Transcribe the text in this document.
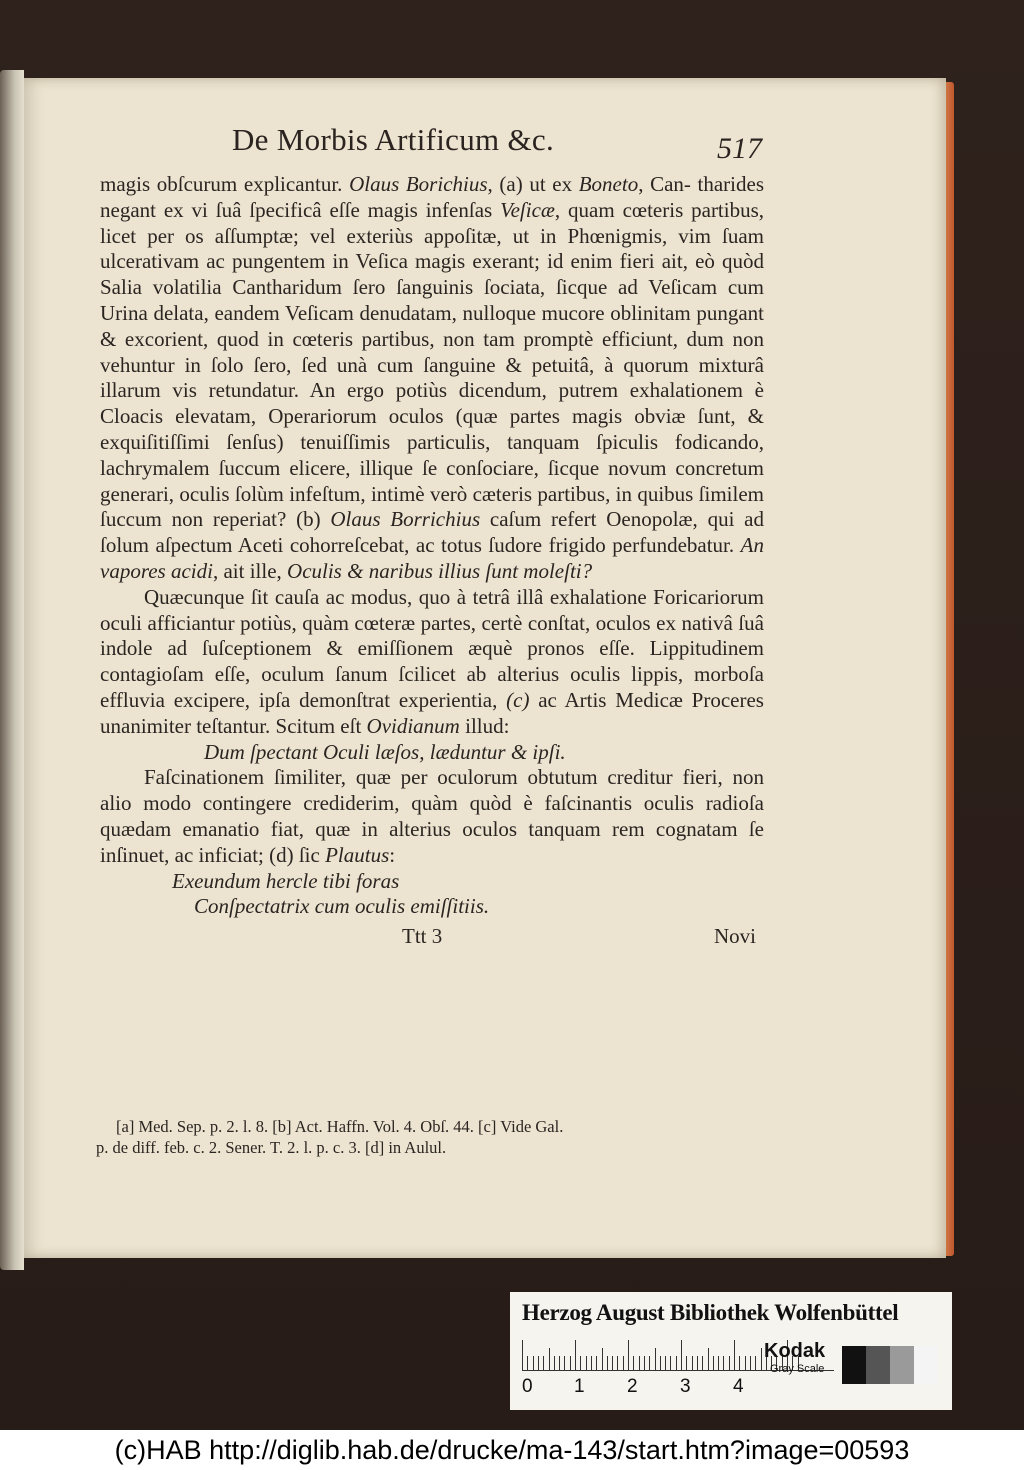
De Morbis Artificum &c.	517

magis obſcurum explicantur. Olaus Borichius, (a) ut ex Boneto, Can- tharides negant ex vi ſuâ ſpecificâ eſſe magis infenſas Veſicæ, quam cœteris partibus, licet per os aſſumptæ; vel exteriùs appoſitæ, ut in Phœnigmis, vim ſuam ulcerativam ac pungentem in Veſica magis exerant; id enim fieri ait, eò quòd Salia volatilia Cantharidum ſero ſanguinis ſociata, ſicque ad Veſicam cum Urina delata, eandem Veſicam denudatam, nulloque mucore oblinitam pungant & excorient, quod in cœteris partibus, non tam promptè efficiunt, dum non vehuntur in ſolo ſero, ſed unà cum ſanguine & petuitâ, à quorum mixturâ illarum vis retundatur. An ergo potiùs dicendum, putrem exhalationem è Cloacis elevatam, Operariorum oculos (quæ partes magis obviæ ſunt, & exquiſitiſſimi ſenſus) tenuiſſimis particulis, tanquam ſpiculis fodicando, lachrymalem ſuccum elicere, illique ſe conſociare, ſicque novum concretum generari, oculis ſolùm infeſtum, intimè verò cæteris partibus, in quibus ſimilem ſuccum non reperiat? (b) Olaus Borrichius caſum refert Oenopolæ, qui ad ſolum aſpectum Aceti cohorreſcebat, ac totus ſudore frigido perfundebatur. An vapores acidi, ait ille, Oculis & naribus illius ſunt moleſti?

Quæcunque ſit cauſa ac modus, quo à tetrâ illâ exhalatione Foricariorum oculi afficiantur potiùs, quàm cœteræ partes, certè conſtat, oculos ex nativâ ſuâ indole ad ſuſceptionem & emiſſionem æquè pronos eſſe. Lippitudinem contagioſam eſſe, oculum ſanum ſcilicet ab alterius oculis lippis, morboſa effluvia excipere, ipſa demonſtrat experientia, (c) ac Artis Medicæ Proceres unanimiter teſtantur. Scitum eſt Ovidianum illud:

Dum ſpectant Oculi læſos, læduntur & ipſi.

Faſcinationem ſimiliter, quæ per oculorum obtutum creditur fieri, non alio modo contingere crediderim, quàm quòd è faſcinantis oculis radioſa quædam emanatio fiat, quæ in alterius oculos tanquam rem cognatam ſe inſinuet, ac inficiat; (d) ſic Plautus:

Exeundum hercle tibi foras

Conſpectatrix cum oculis emiſſitiis.

Ttt 3	Novi

[a] Med. Sep. p. 2. l. 8. [b] Act. Haffn. Vol. 4. Obſ. 44. [c] Vide Gal.

p. de diff. feb. c. 2. Sener. T. 2. l. p. c. 3. [d] in Aulul.

Herzog August Bibliothek Wolfenbüttel
0 1 2 3 4
Kodak
Gray Scale
(c)HAB http://diglib.hab.de/drucke/ma-143/start.htm?image=00593
